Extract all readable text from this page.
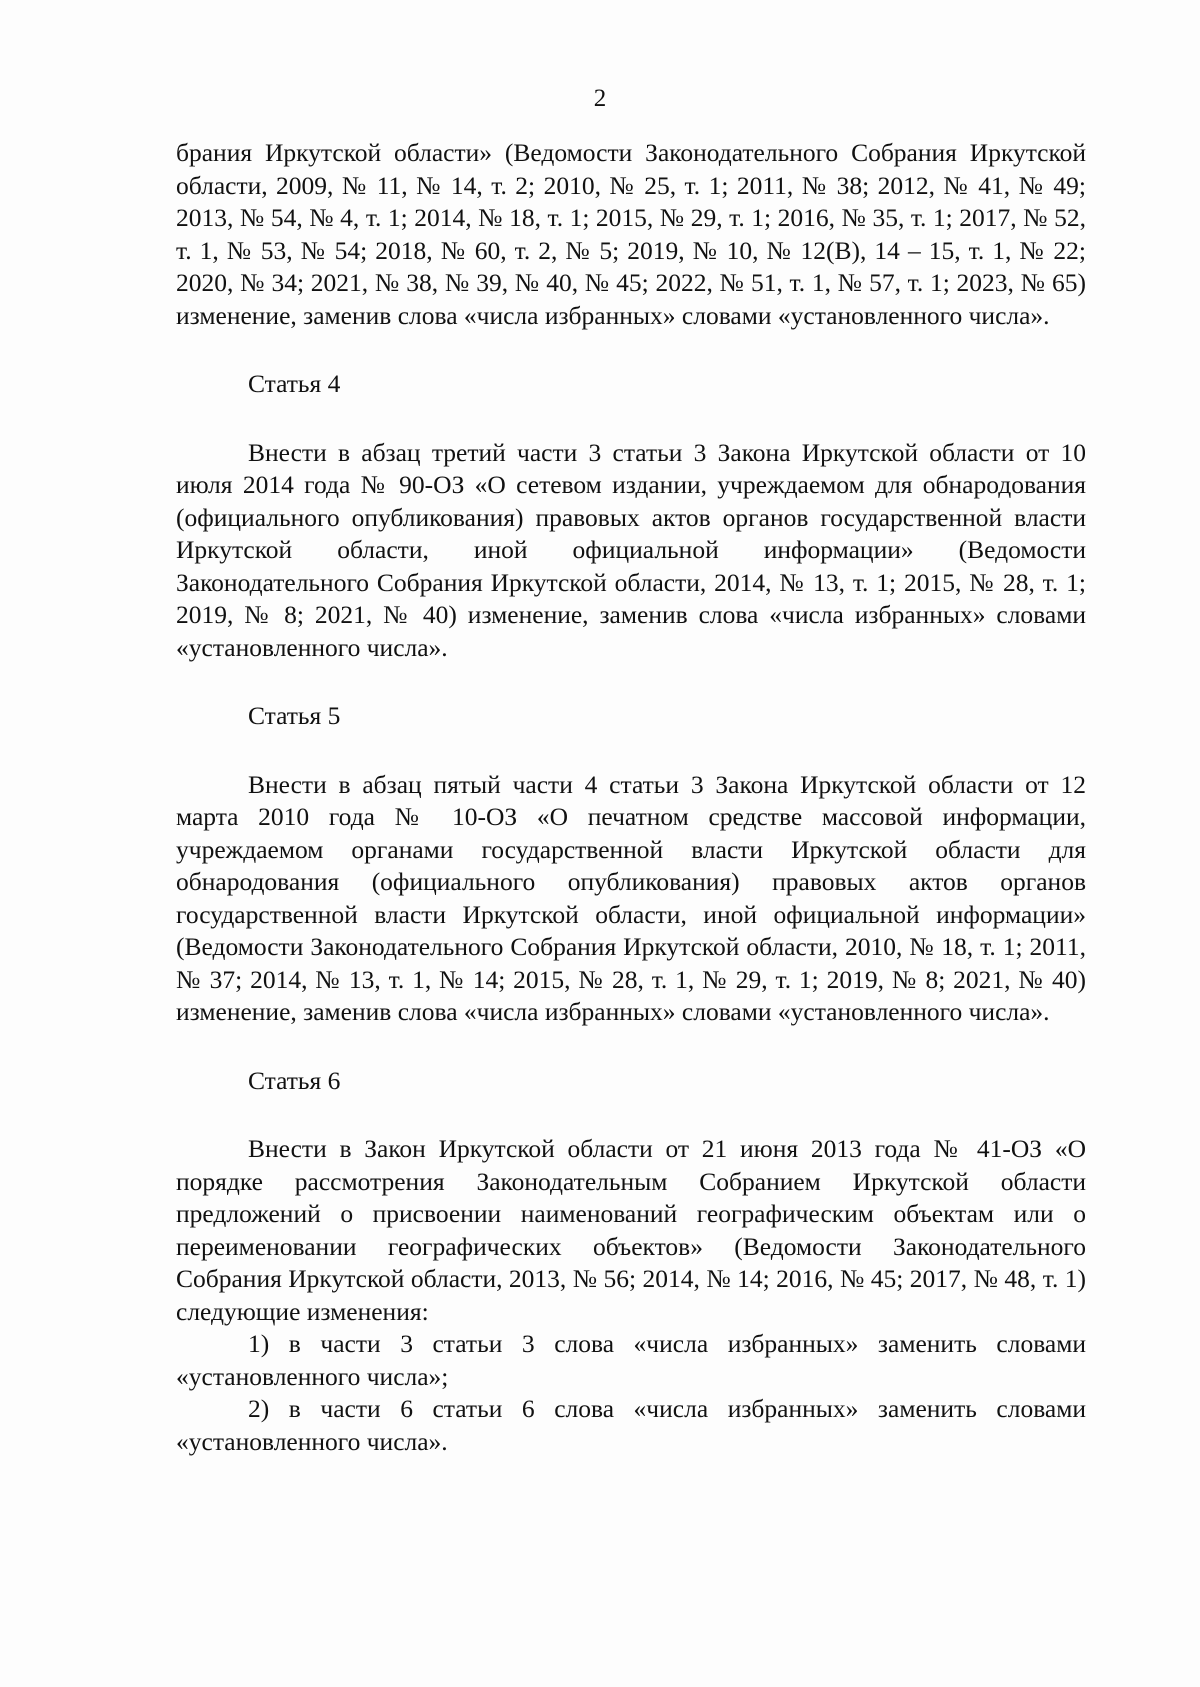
2

брания Иркутской области» (Ведомости Законодательного Собрания Иркутской области, 2009, № 11, № 14, т. 2; 2010, № 25, т. 1; 2011, № 38; 2012, № 41, № 49; 2013, № 54, № 4, т. 1; 2014, № 18, т. 1; 2015, № 29, т. 1; 2016, № 35, т. 1; 2017, № 52, т. 1, № 53, № 54; 2018, № 60, т. 2, № 5; 2019, № 10, № 12(В), 14 – 15, т. 1, № 22; 2020, № 34; 2021, № 38, № 39, № 40, № 45; 2022, № 51, т. 1, № 57, т. 1; 2023, № 65) изменение, заменив слова «числа избранных» словами «установленного числа».

Статья 4

Внести в абзац третий части 3 статьи 3 Закона Иркутской области от 10 июля 2014 года № 90-ОЗ «О сетевом издании, учреждаемом для обнародования (официального опубликования) правовых актов органов государственной власти Иркутской области, иной официальной информации» (Ведомости Законодательного Собрания Иркутской области, 2014, № 13, т. 1; 2015, № 28, т. 1; 2019, № 8; 2021, № 40) изменение, заменив слова «числа избранных» словами «установленного числа».

Статья 5

Внести в абзац пятый части 4 статьи 3 Закона Иркутской области от 12 марта 2010 года № 10-ОЗ «О печатном средстве массовой информации, учреждаемом органами государственной власти Иркутской области для обнародования (официального опубликования) правовых актов органов государственной власти Иркутской области, иной официальной информации» (Ведомости Законодательного Собрания Иркутской области, 2010, № 18, т. 1; 2011, № 37; 2014, № 13, т. 1, № 14; 2015, № 28, т. 1, № 29, т. 1; 2019, № 8; 2021, № 40) изменение, заменив слова «числа избранных» словами «установленного числа».

Статья 6

Внести в Закон Иркутской области от 21 июня 2013 года № 41-ОЗ «О порядке рассмотрения Законодательным Собранием Иркутской области предложений о присвоении наименований географическим объектам или о переименовании географических объектов» (Ведомости Законодательного Собрания Иркутской области, 2013, № 56; 2014, № 14; 2016, № 45; 2017, № 48, т. 1) следующие изменения:

1) в части 3 статьи 3 слова «числа избранных» заменить словами «установленного числа»;

2) в части 6 статьи 6 слова «числа избранных» заменить словами «установленного числа».
